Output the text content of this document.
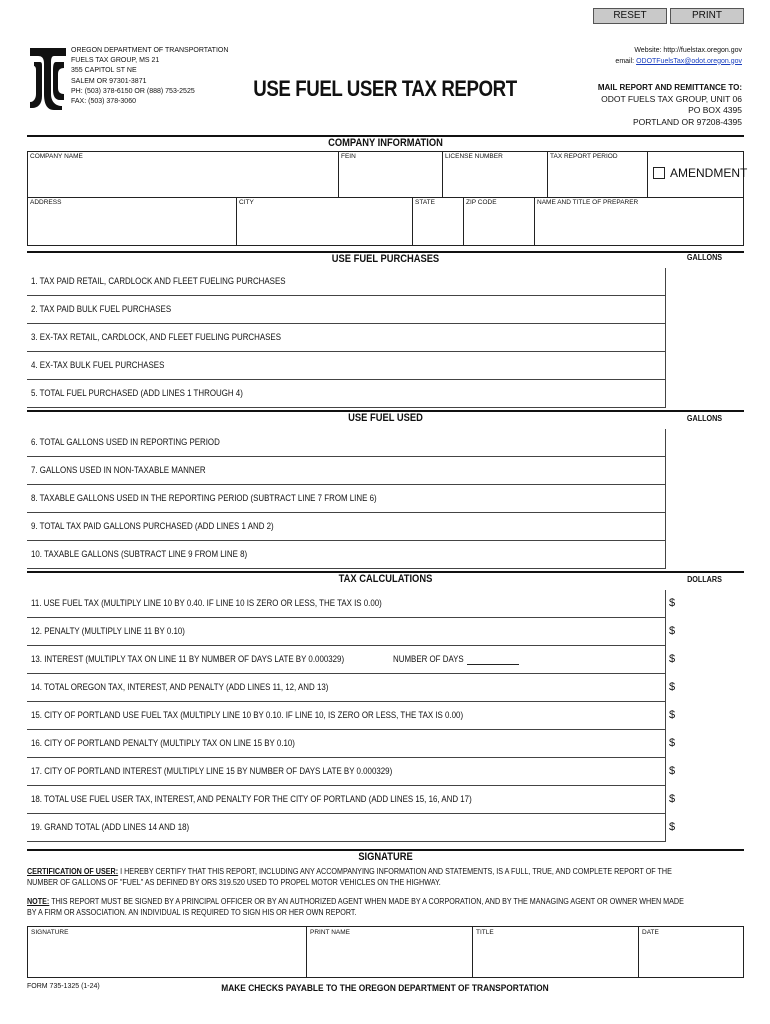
RESET	PRINT
OREGON DEPARTMENT OF TRANSPORTATION
FUELS TAX GROUP, MS 21
355 CAPITOL ST NE
SALEM OR 97301-3871
PH: (503) 378-6150 OR (888) 753-2525
FAX: (503) 378-3060
USE FUEL USER TAX REPORT
Website: http://fuelstax.oregon.gov
email: ODOTFuelsTax@odot.oregon.gov
MAIL REPORT AND REMITTANCE TO:
ODOT FUELS TAX GROUP, UNIT 06
PO BOX 4395
PORTLAND OR 97208-4395
COMPANY INFORMATION
COMPANY NAME	FEIN	LICENSE NUMBER	TAX REPORT PERIOD
AMENDMENT
ADDRESS	CITY	STATE	ZIP CODE	NAME AND TITLE OF PREPARER
USE FUEL PURCHASES	GALLONS
1. TAX PAID RETAIL, CARDLOCK AND FLEET FUELING PURCHASES
2. TAX PAID BULK FUEL PURCHASES
3. EX-TAX RETAIL, CARDLOCK, AND FLEET FUELING PURCHASES
4. EX-TAX BULK FUEL PURCHASES
5. TOTAL FUEL PURCHASED (ADD LINES 1 THROUGH 4)
USE FUEL USED	GALLONS
6. TOTAL GALLONS USED IN REPORTING PERIOD
7. GALLONS USED IN NON-TAXABLE MANNER
8. TAXABLE GALLONS USED IN THE REPORTING PERIOD (SUBTRACT LINE 7 FROM LINE 6)
9. TOTAL TAX PAID GALLONS PURCHASED (ADD LINES 1 AND 2)
10. TAXABLE GALLONS (SUBTRACT LINE 9 FROM LINE 8)
TAX CALCULATIONS	DOLLARS
11. USE FUEL TAX (MULTIPLY LINE 10 BY 0.40. IF LINE 10 IS ZERO OR LESS, THE TAX IS 0.00)	$
12. PENALTY (MULTIPLY LINE 11 BY 0.10)	$
13. INTEREST (MULTIPLY TAX ON LINE 11 BY NUMBER OF DAYS LATE BY 0.000329)	NUMBER OF DAYS	$
14. TOTAL OREGON TAX, INTEREST, AND PENALTY (ADD LINES 11, 12, AND 13)	$
15. CITY OF PORTLAND USE FUEL TAX (MULTIPLY LINE 10 BY 0.10. IF LINE 10, IS ZERO OR LESS, THE TAX IS 0.00)	$
16. CITY OF PORTLAND PENALTY (MULTIPLY TAX ON LINE 15 BY 0.10)	$
17. CITY OF PORTLAND INTEREST (MULTIPLY LINE 15 BY NUMBER OF DAYS LATE BY 0.000329)	$
18. TOTAL USE FUEL USER TAX, INTEREST, AND PENALTY FOR THE CITY OF PORTLAND (ADD LINES 15, 16, AND 17)	$
19. GRAND TOTAL (ADD LINES 14 AND 18)	$
SIGNATURE
CERTIFICATION OF USER: I HEREBY CERTIFY THAT THIS REPORT, INCLUDING ANY ACCOMPANYING INFORMATION AND STATEMENTS, IS A FULL, TRUE, AND COMPLETE REPORT OF THE NUMBER OF GALLONS OF "FUEL" AS DEFINED BY ORS 319.520 USED TO PROPEL MOTOR VEHICLES ON THE HIGHWAY.
NOTE: THIS REPORT MUST BE SIGNED BY A PRINCIPAL OFFICER OR BY AN AUTHORIZED AGENT WHEN MADE BY A CORPORATION, AND BY THE MANAGING AGENT OR OWNER WHEN MADE BY A FIRM OR ASSOCIATION. AN INDIVIDUAL IS REQUIRED TO SIGN HIS OR HER OWN REPORT.
SIGNATURE	PRINT NAME	TITLE	DATE
FORM 735-1325 (1-24)	MAKE CHECKS PAYABLE TO THE OREGON DEPARTMENT OF TRANSPORTATION
